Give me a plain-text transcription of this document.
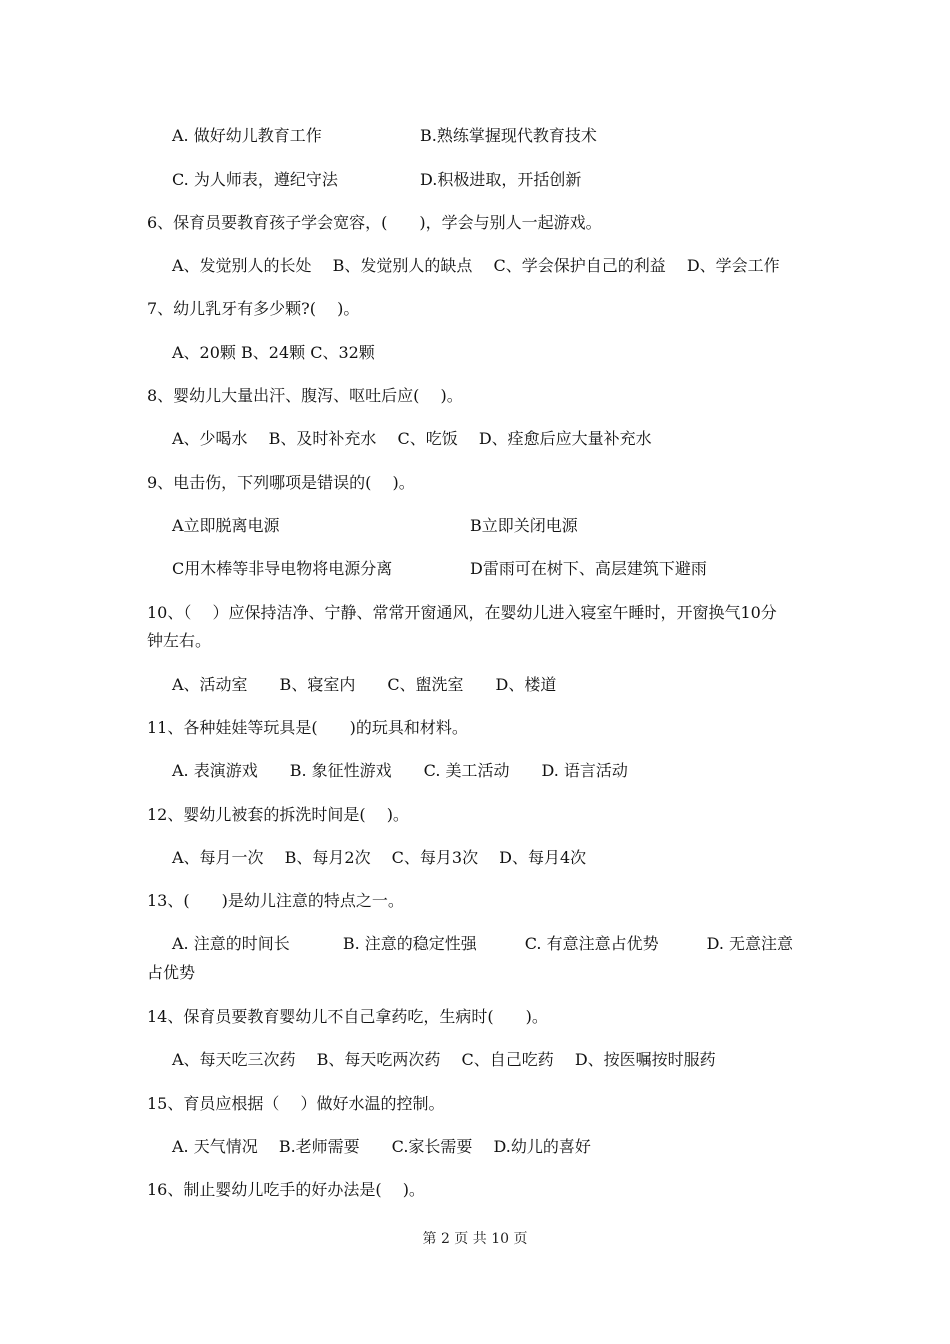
A. 做好幼儿教育工作	B.熟练掌握现代教育技术
C. 为人师表，遵纪守法	D.积极进取，开括创新
6、保育员要教育孩子学会宽容，(　　)，学会与别人一起游戏。
A、发觉别人的长处　 B、发觉别人的缺点　 C、学会保护自己的利益　 D、学会工作
7、幼儿乳牙有多少颗?(　 )。
A、20颗 B、24颗 C、32颗
8、婴幼儿大量出汗、腹泻、呕吐后应(　 )。
A、少喝水　 B、及时补充水　 C、吃饭　 D、痊愈后应大量补充水
9、电击伤，下列哪项是错误的(　 )。
A立即脱离电源	B立即关闭电源
C用木棒等非导电物将电源分离	D雷雨可在树下、高层建筑下避雨
10、（　 ）应保持洁净、宁静、常常开窗通风，在婴幼儿进入寝室午睡时，开窗换气10分
钟左右。
A、活动室　　B、寝室内　　C、盥洗室　　D、楼道
11、各种娃娃等玩具是(　　)的玩具和材料。
A. 表演游戏　　B. 象征性游戏　　C. 美工活动　　D. 语言活动
12、婴幼儿被套的拆洗时间是(　 )。
A、每月一次　 B、每月2次　 C、每月3次　 D、每月4次
13、(　　)是幼儿注意的特点之一。
A. 注意的时间长　　　 B. 注意的稳定性强　　　C. 有意注意占优势　　　D. 无意注意
占优势
14、保育员要教育婴幼儿不自己拿药吃，生病时(　　)。
A、每天吃三次药　 B、每天吃两次药　 C、自己吃药　 D、按医嘱按时服药
15、育员应根据（　 ）做好水温的控制。
A. 天气情况　 B.老师需要　　C.家长需要　 D.幼儿的喜好
16、制止婴幼儿吃手的好办法是(　 )。
第 2 页 共 10 页
